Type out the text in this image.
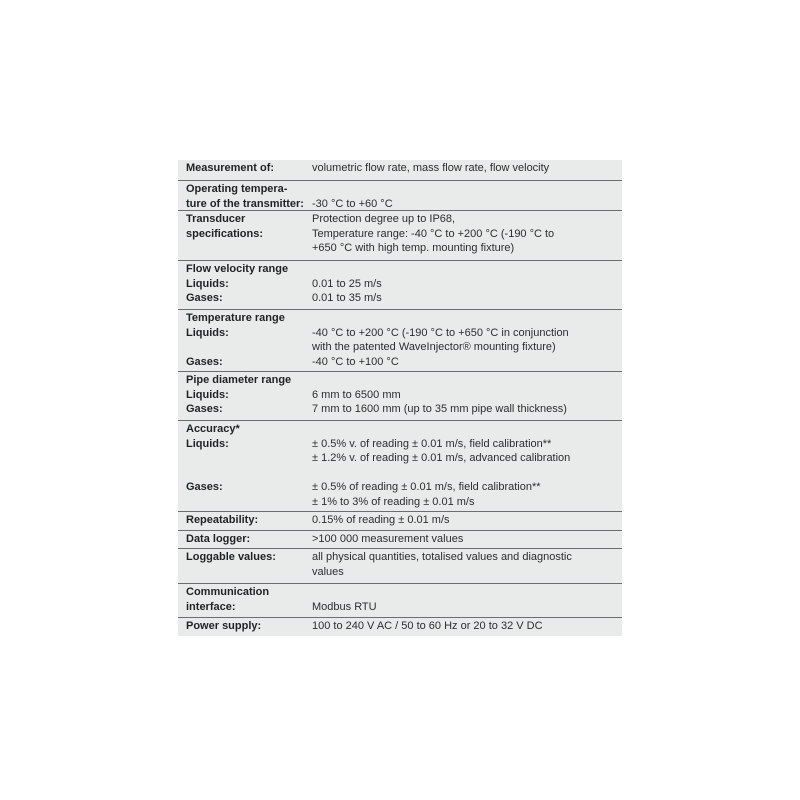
Measurement of:	volumetric flow rate, mass flow rate, flow velocity
Operating tempera-
ture of the transmitter: -30 °C to +60 °C
Transducer	Protection degree up to IP68,
specifications:	Temperature range: -40 °C to +200 °C (-190 °C to
+650 °C with high temp. mounting fixture)
Flow velocity range
Liquids:	0.01 to 25 m/s
Gases:	0.01 to 35 m/s
Temperature range
Liquids:	-40 °C to +200 °C (-190 °C to +650 °C in conjunction
with the patented WaveInjector® mounting fixture)
Gases:	-40 °C to +100 °C
Pipe diameter range
Liquids:	6 mm to 6500 mm
Gases:	7 mm to 1600 mm (up to 35 mm pipe wall thickness)
Accuracy*
Liquids:	± 0.5% v. of reading ± 0.01 m/s, field calibration**
± 1.2% v. of reading ± 0.01 m/s, advanced calibration
Gases:	± 0.5% of reading ± 0.01 m/s, field calibration**
± 1% to 3% of reading ± 0.01 m/s
Repeatability:	0.15% of reading ± 0.01 m/s
Data logger:	>100 000 measurement values
Loggable values:	all physical quantities, totalised values and diagnostic
values
Communication
interface:	Modbus RTU
Power supply:	100 to 240 V AC / 50 to 60 Hz or 20 to 32 V DC
